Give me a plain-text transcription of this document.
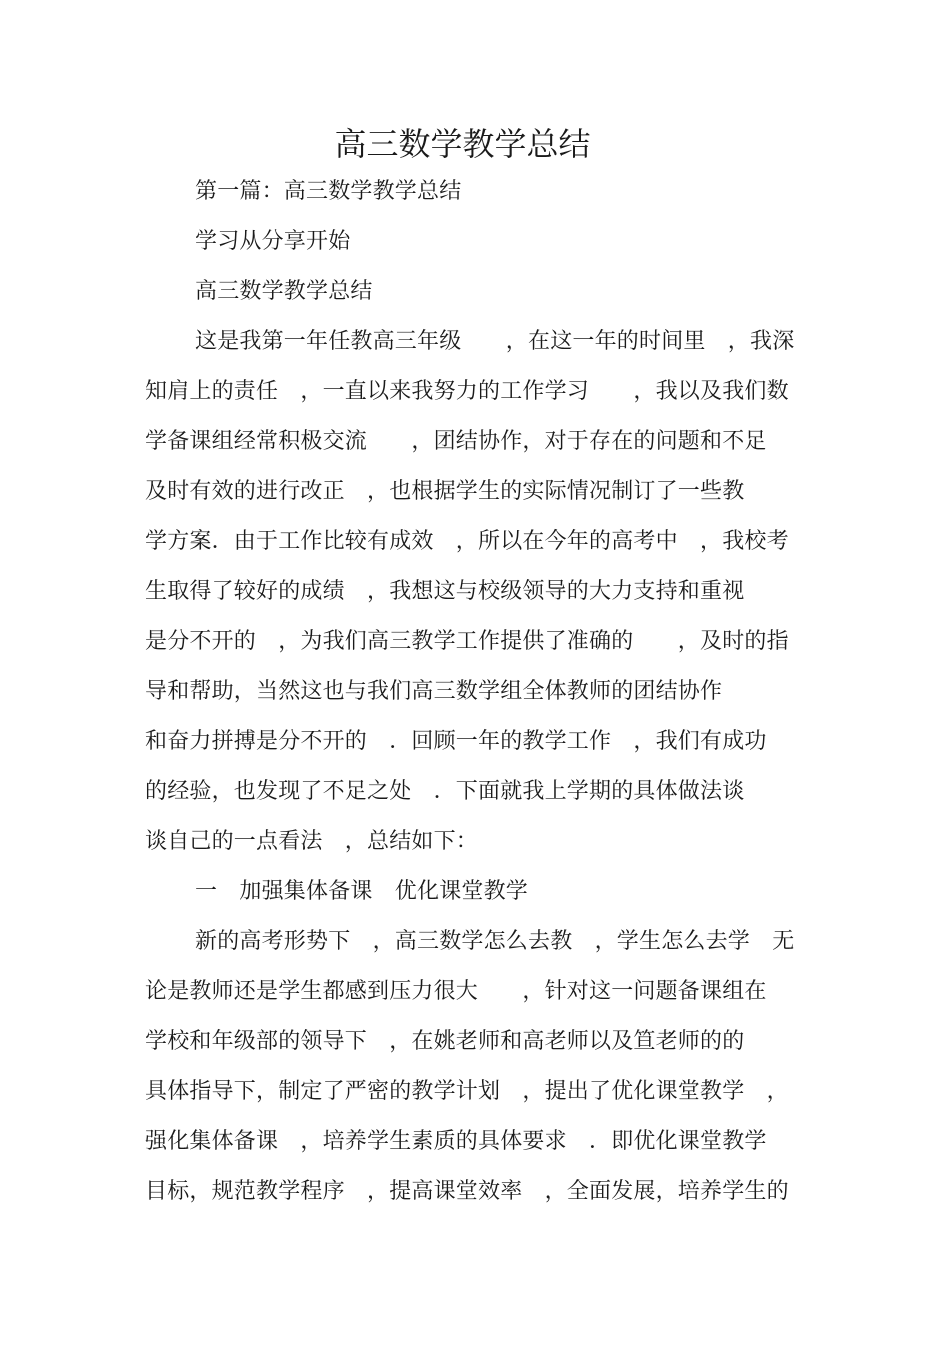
高三数学教学总结
第一篇：高三数学教学总结
学习从分享开始
高三数学教学总结
这是我第一年任教高三年级　　，在这一年的时间里　，我深
知肩上的责任　，一直以来我努力的工作学习　　，我以及我们数
学备课组经常积极交流　　，团结协作，对于存在的问题和不足
及时有效的进行改正　，也根据学生的实际情况制订了一些教
学方案．由于工作比较有成效　，所以在今年的高考中　，我校考
生取得了较好的成绩　，我想这与校级领导的大力支持和重视
是分不开的　，为我们高三教学工作提供了准确的　　，及时的指
导和帮助，当然这也与我们高三数学组全体教师的团结协作
和奋力拼搏是分不开的　．回顾一年的教学工作　，我们有成功
的经验，也发现了不足之处　．下面就我上学期的具体做法谈
谈自己的一点看法　，总结如下：
一　加强集体备课　优化课堂教学
新的高考形势下　，高三数学怎么去教　，学生怎么去学　无
论是教师还是学生都感到压力很大　　，针对这一问题备课组在
学校和年级部的领导下　，在姚老师和高老师以及笪老师的的
具体指导下，制定了严密的教学计划　，提出了优化课堂教学　，
强化集体备课　，培养学生素质的具体要求　．即优化课堂教学
目标，规范教学程序　，提高课堂效率　，全面发展，培养学生的
